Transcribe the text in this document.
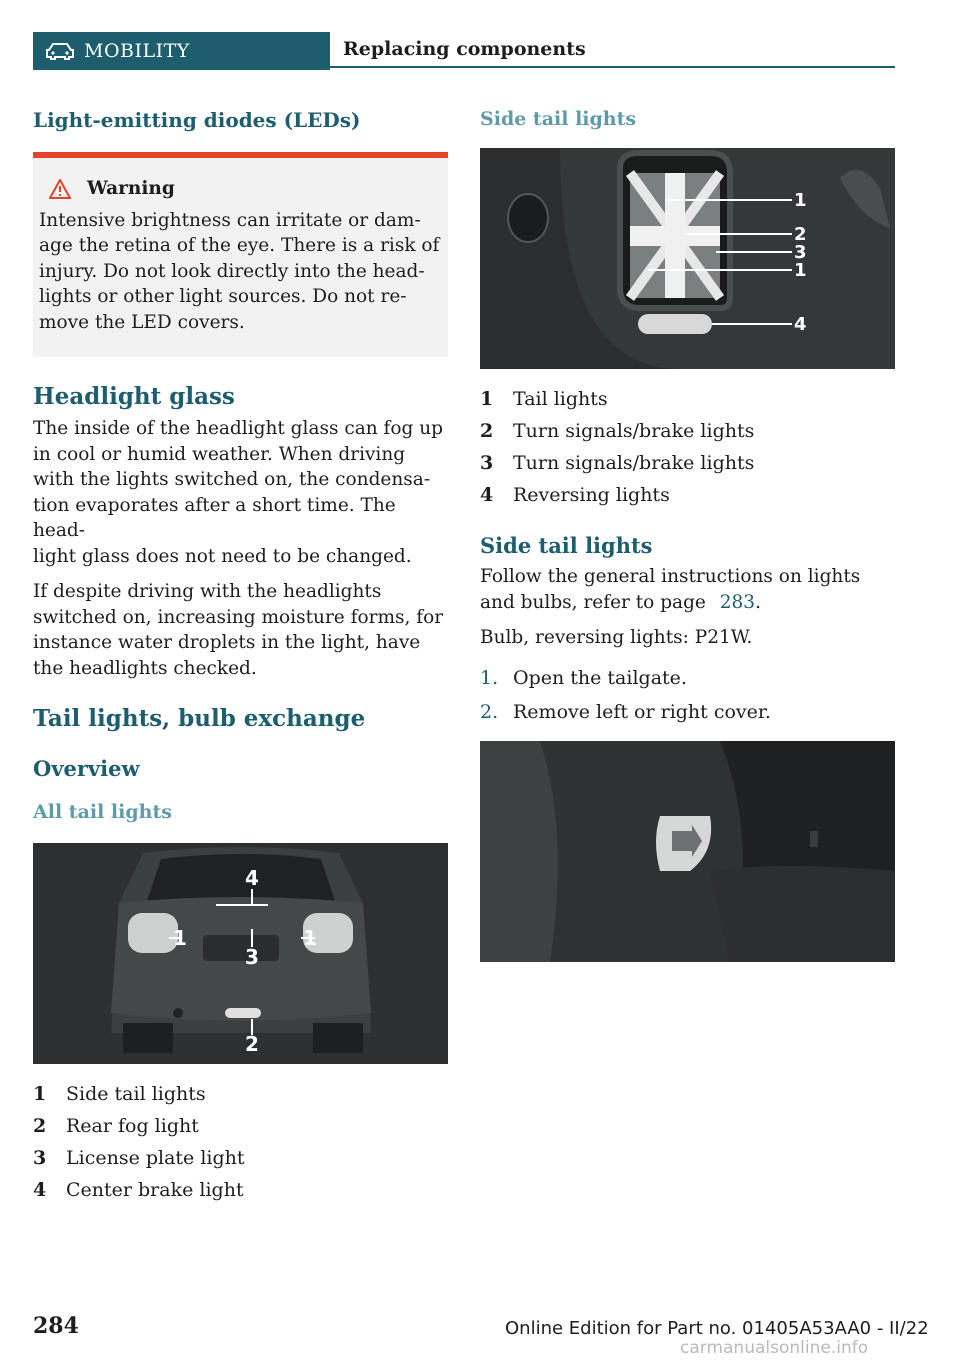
MOBILITY	Replacing components
Light-emitting diodes (LEDs)
Warning
Intensive brightness can irritate or dam-
age the retina of the eye. There is a risk of
injury. Do not look directly into the head-
lights or other light sources. Do not re-
move the LED covers.
Headlight glass

The inside of the headlight glass can fog up
in cool or humid weather. When driving
with the lights switched on, the condensa-
tion evaporates after a short time. The head-
light glass does not need to be changed.

If despite driving with the headlights
switched on, increasing moisture forms, for
instance water droplets in the light, have
the headlights checked.

Tail lights, bulb exchange
Overview
All tail lights
1	1
2
3
4
1	Side tail lights
2	Rear fog light
3	License plate light
4	Center brake light
Side tail lights
1
2
3
1
4
1	Tail lights
2	Turn signals/brake lights
3	Turn signals/brake lights
4	Reversing lights
Side tail lights

Follow the general instructions on lights
and bulbs, refer to page 283.

Bulb, reversing lights: P21W.

1. Open the tailgate.
2. Remove left or right cover.
284	Online Edition for Part no. 01405A53AA0 - II/22
carmanualsonline.info
